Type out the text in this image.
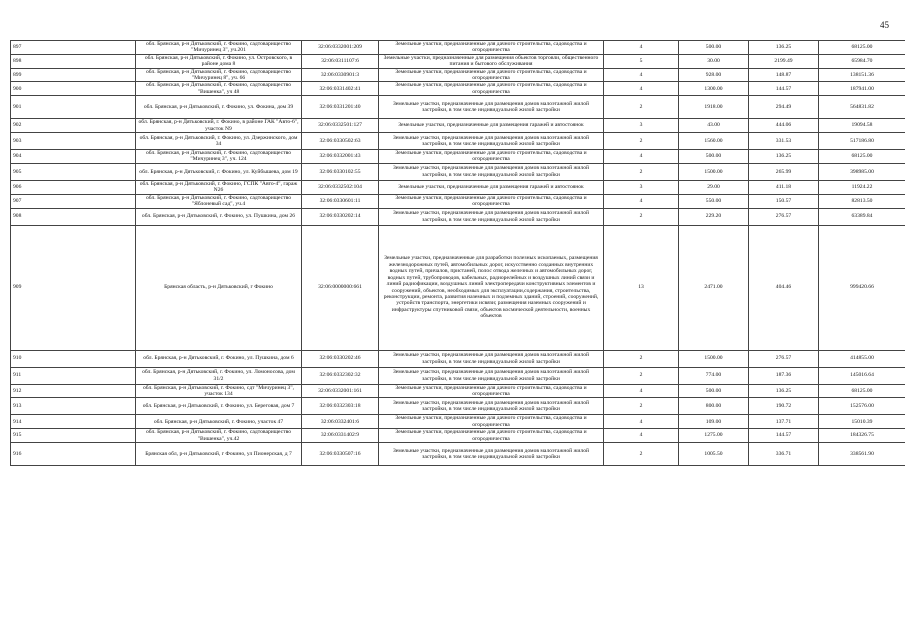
45
897	обл. Брянская, р-н Дятьковский, г. Фокино, садтоварищество "Мичуринец 3", уч.201	32:06:0332001:209	Земельные участки, предназначенные для дачного строительства, садоводства и огородничества	4	500.00	136.25	68125.00
898	обл. Брянская, р-н Дятьковский, г. Фокино, ул. Островского, в районе дома 8	32:06:0311107:6	Земельные участки, предназначенные для размещения объектов торговли, общественного питания и бытового обслуживания	5	30.00	2199.49	65984.70
899	обл. Брянская, р-н Дятьковский, г. Фокино, садтоварищество "Мичуринец 8", уч. 66	32:06:0330901:3	Земельные участки, предназначенные для дачного строительства, садоводства и огородничества	4	928.00	148.87	138151.36
900	обл. Брянская, р-н Дятьковский, г. Фокино, садтоварищество "Вишенка", уч 48	32:06:0331402:41	Земельные участки, предназначенные для дачного строительства, садоводства и огородничества	4	1300.00	144.57	187941.00
901	обл. Брянская, р-н Дятьковский, г. Фокино, ул. Фокина, дом 39	32:06:0331201:40	Земельные участки, предназначенные для размещения домов малоэтажной жилой застройки, в том числе индивидуальной жилой застройки	2	1918.00	294.49	564831.82
902	обл. Брянская, р-н Дятьковский, г. Фокино, в районе ГАК "Авто-6", участок N9	32:06:0332501:127	Земельные участки, предназначенные для размещения гаражей и автостоянок	3	43.00	444.06	19094.58
903	обл. Брянская, р-н Дятьковский, г. Фокино, ул. Дзержинского, дом 34	32:06:0330502:63	Земельные участки, предназначенные для размещения домов малоэтажной жилой застройки, в том числе индивидуальной жилой застройки	2	1560.00	331.53	517186.80
904	обл. Брянская, р-н Дятьковский, г. Фокино, садтоварищество "Мичуринец 3", уч. 124	32:06:0332001:43	Земельные участки, предназначенные для дачного строительства, садоводства и огородничества	4	500.00	136.25	68125.00
905	обл. Брянская, р-н Дятьковский, г. Фокино, ул. Куйбышева, дом 19	32:06:0330102:55	Земельные участки, предназначенные для размещения домов малоэтажной жилой застройки, в том числе индивидуальной жилой застройки	2	1500.00	265.99	398985.00
906	обл. Брянская, р-н Дятьковский, г. Фокино, ГСПК "Авто-4", гараж N26	32:06:0332502:104	Земельные участки, предназначенные для размещения гаражей и автостоянок	3	29.00	411.18	11924.22
907	обл. Брянская, р-н Дятьковский, г. Фокино, садтоварищество "Яблоневый сад", уч.4	32:06:0330601:11	Земельные участки, предназначенные для дачного строительства, садоводства и огородничества	4	550.00	150.57	82813.50
908	обл. Брянская, р-н Дятьковский, г. Фокино, ул. Пушкина, дом 26	32:06:0330202:14	Земельные участки, предназначенные для размещения домов малоэтажной жилой застройки, в том числе индивидуальной жилой застройки	2	229.20	276.57	63389.84
909	Брянская область, р-н Дятьковский, г Фокино	32:06:0000000:661	Земельные участки, предназначенные для разработки полезных ископаемых, размещения железнодорожных путей, автомобильных дорог, искусственно созданных внутренних водных путей, причалов, пристаней, полос отвода железных и автомобильных дорог, водных путей, трубопроводов, кабельных, радиорелейных и воздушных линий связи и линий радиофикации, воздушных линий электропередачи конструктивных элементов и сооружений, объектов, необходимых для эксплуатации,содержания, строительства, реконструкции, ремонта, развития наземных и подземных зданий, строений, сооружений, устройств транспорта, энергетики исвязи; размещения наземных сооружений и инфраструктуры спутниковой связи, объектов космической деятельности, военных объектов	13	2471.00	404.46	999420.66
910	обл. Брянская, р-н Дятьковский, г. Фокино, ул. Пушкина, дом 6	32:06:0330202:46	Земельные участки, предназначенные для размещения домов малоэтажной жилой застройки, в том числе индивидуальной жилой застройки	2	1500.00	276.57	414855.00
911	обл. Брянская, р-н Дятьковский, г. Фокино, ул. Ломоносова, дом 31/2	32:06:0332302:32	Земельные участки, предназначенные для размещения домов малоэтажной жилой застройки, в том числе индивидуальной жилой застройки	2	774.00	187.36	145016.64
912	обл. Брянская, р-н Дятьковский, г. Фокино, сдт "Мичуринец 3", участок 134	32:06:0332001:161	Земельные участки, предназначенные для дачного строительства, садоводства и огородничества	4	500.00	136.25	68125.00
913	обл. Брянская, р-н Дятьковский, г. Фокино, ул. Береговая, дом 7	32:06:0332303:18	Земельные участки, предназначенные для размещения домов малоэтажной жилой застройки, в том числе индивидуальной жилой застройки	2	800.00	190.72	152576.00
914	обл. Брянская, р-н Дятьковский, г. Фокино, участок 47	32:06:0332401:6	Земельные участки, предназначенные для дачного строительства, садоводства и огородничества	4	109.00	137.71	15010.39
915	обл. Брянская, р-н Дятьковский, г. Фокино, садтоварищество "Вишенка", уч.42	32:06:0331402:9	Земельные участки, предназначенные для дачного строительства, садоводства и огородничества	4	1275.00	144.57	184326.75
916	Брянская обл, р-н Дятьковский, г Фокино, ул Пионерская, д 7	32:06:0330507:16	Земельные участки, предназначенные для размещения домов малоэтажной жилой застройки, в том числе индивидуальной жилой застройки	2	1005.50	336.71	338561.90
